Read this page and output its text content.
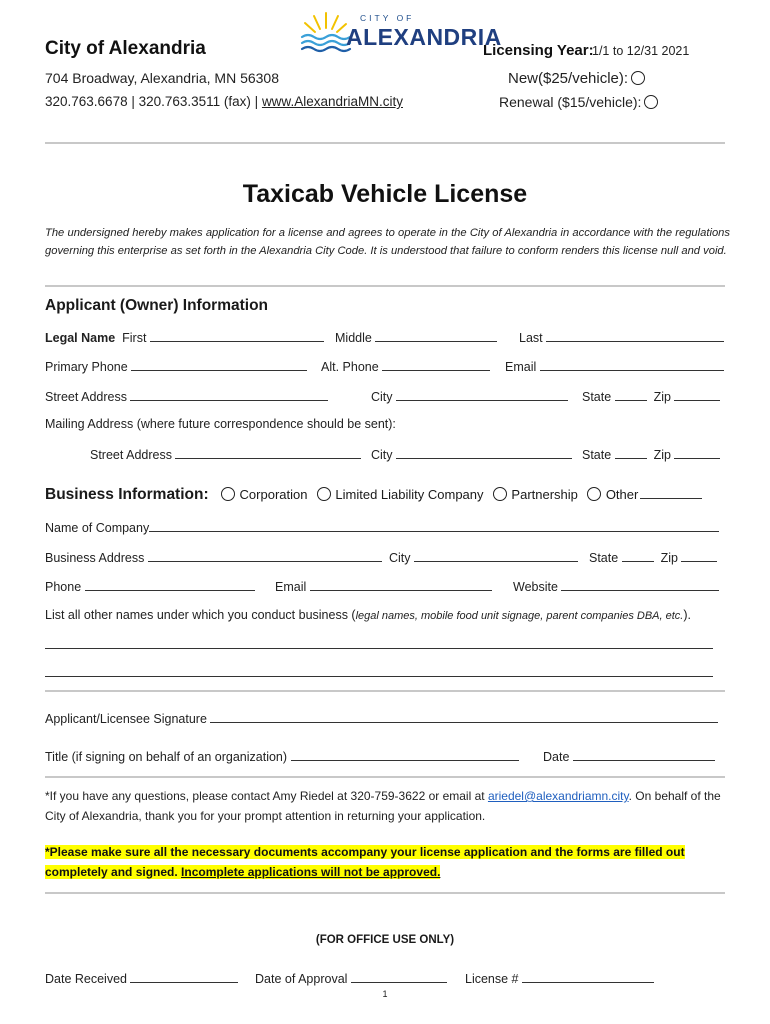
City of Alexandria
704 Broadway, Alexandria, MN 56308
320.763.6678 | 320.763.3511 (fax) | www.AlexandriaMN.city
CITY OF
ALEXANDRIA
Licensing Year:
1/1 to 12/31 2021
New($25/vehicle):
Renewal ($15/vehicle):
Taxicab Vehicle License
The undersigned hereby makes application for a license and agrees to operate in the City of Alexandria in accordance with the regulations governing this enterprise as set forth in the Alexandria City Code. It is understood that failure to conform renders this license null and void.
Applicant (Owner) Information
Legal Name First	Middle	Last
Primary Phone	Alt. Phone	Email
Street Address	City	State	Zip
Mailing Address (where future correspondence should be sent):
Street Address	City	State	Zip
Business Information: Corporation Limited Liability Company Partnership Other
Name of Company
Business Address	City	State	Zip
Phone	Email	Website
List all other names under which you conduct business (legal names, mobile food unit signage, parent companies DBA, etc.).
Applicant/Licensee Signature
Title (if signing on behalf of an organization)	Date
*If you have any questions, please contact Amy Riedel at 320-759-3622 or email at ariedel@alexandriamn.city. On behalf of the City of Alexandria, thank you for your prompt attention in returning your application.
*Please make sure all the necessary documents accompany your license application and the forms are filled out completely and signed. Incomplete applications will not be approved.
(FOR OFFICE USE ONLY)
Date Received	Date of Approval	License #
1
